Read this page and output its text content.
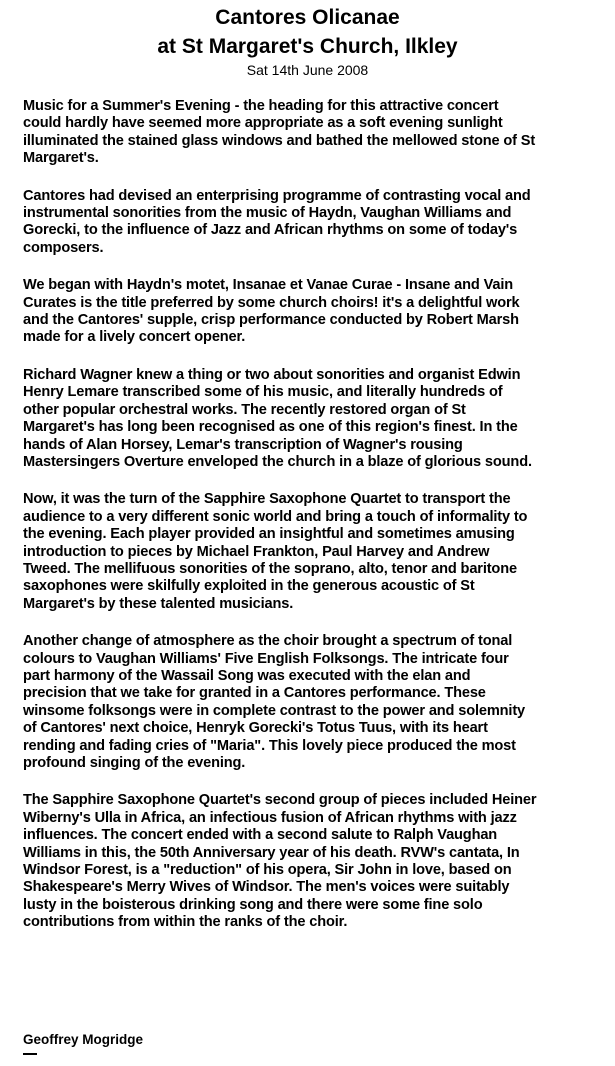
Cantores Olicanae
at St Margaret's Church, Ilkley
Sat 14th June 2008

Music for a Summer's Evening - the heading for this attractive concert
could hardly have seemed more appropriate as a soft evening sunlight
illuminated the stained glass windows and bathed the mellowed stone of St
Margaret's.

Cantores had devised an enterprising programme of contrasting vocal and
instrumental sonorities from the music of Haydn, Vaughan Williams and
Gorecki, to the influence of Jazz and African rhythms on some of today's
composers.

We began with Haydn's motet, Insanae et Vanae Curae - Insane and Vain
Curates is the title preferred by some church choirs! it's a delightful work
and the Cantores' supple, crisp performance conducted by Robert Marsh
made for a lively concert opener.

Richard Wagner knew a thing or two about sonorities and organist Edwin
Henry Lemare transcribed some of his music, and literally hundreds of
other popular orchestral works. The recently restored organ of St
Margaret's has long been recognised as one of this region's finest. In the
hands of Alan Horsey, Lemar's transcription of Wagner's rousing
Mastersingers Overture enveloped the church in a blaze of glorious sound.

Now, it was the turn of the Sapphire Saxophone Quartet to transport the
audience to a very different sonic world and bring a touch of informality to
the evening. Each player provided an insightful and sometimes amusing
introduction to pieces by Michael Frankton, Paul Harvey and Andrew
Tweed. The mellifuous sonorities of the soprano, alto, tenor and baritone
saxophones were skilfully exploited in the generous acoustic of St
Margaret's by these talented musicians.

Another change of atmosphere as the choir brought a spectrum of tonal
colours to Vaughan Williams' Five English Folksongs. The intricate four
part harmony of the Wassail Song was executed with the elan and
precision that we take for granted in a Cantores performance. These
winsome folksongs were in complete contrast to the power and solemnity
of Cantores' next choice, Henryk Gorecki's Totus Tuus, with its heart
rending and fading cries of "Maria". This lovely piece produced the most
profound singing of the evening.

The Sapphire Saxophone Quartet's second group of pieces included Heiner
Wiberny's Ulla in Africa, an infectious fusion of African rhythms with jazz
influences. The concert ended with a second salute to Ralph Vaughan
Williams in this, the 50th Anniversary year of his death. RVW's cantata, In
Windsor Forest, is a "reduction" of his opera, Sir John in love, based on
Shakespeare's Merry Wives of Windsor. The men's voices were suitably
lusty in the boisterous drinking song and there were some fine solo
contributions from within the ranks of the choir.

Geoffrey Mogridge
